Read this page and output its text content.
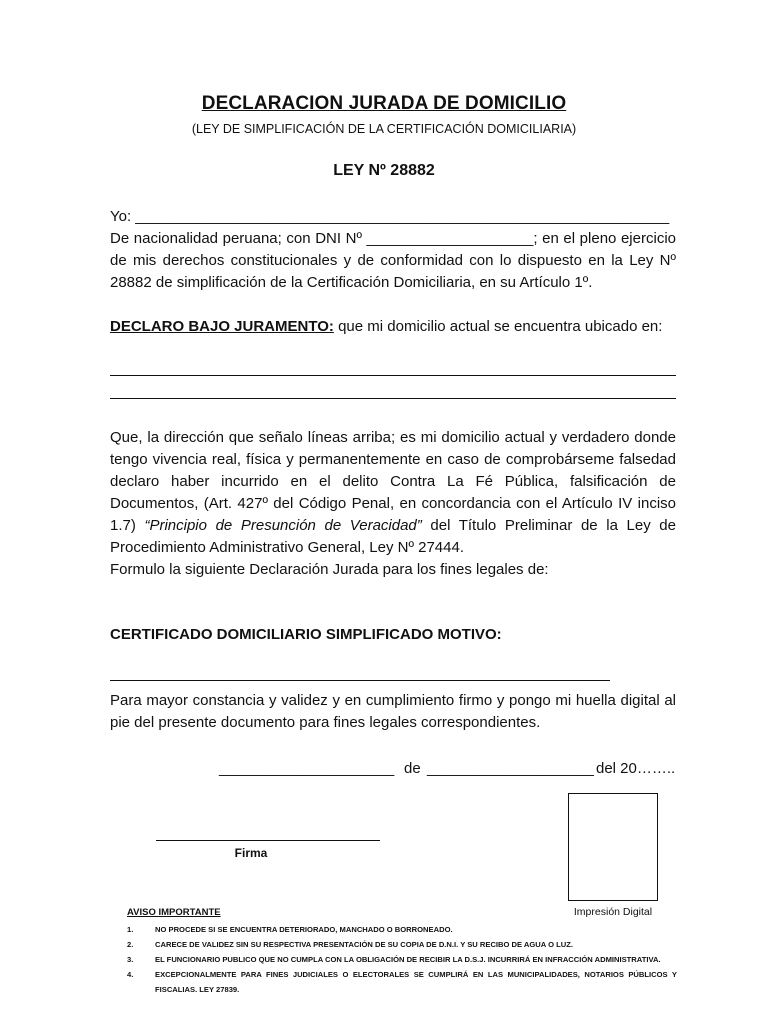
DECLARACION JURADA DE DOMICILIO
(LEY DE SIMPLIFICACIÓN DE LA CERTIFICACIÓN DOMICILIARIA)
LEY Nº 28882
Yo: ________________________________________________________________
De nacionalidad peruana; con DNI Nº ____________________; en el pleno ejercicio de mis derechos constitucionales y de conformidad con lo dispuesto en la Ley Nº 28882 de simplificación de la Certificación Domiciliaria, en su Artículo 1º.
DECLARO BAJO JURAMENTO: que mi domicilio actual se encuentra ubicado en:
Que, la dirección que señalo líneas arriba; es mi domicilio actual y verdadero donde tengo vivencia real, física y permanentemente en caso de comprobárseme falsedad declaro haber incurrido en el delito Contra La Fé Pública, falsificación de Documentos, (Art. 427º del Código Penal, en concordancia con el Artículo IV inciso 1.7) “Principio de Presunción de Veracidad” del Título Preliminar de la Ley de Procedimiento Administrativo General, Ley Nº 27444.
Formulo la siguiente Declaración Jurada para los fines legales de:
CERTIFICADO DOMICILIARIO SIMPLIFICADO MOTIVO:
Para mayor constancia y validez y en cumplimiento firmo y pongo mi huella digital al pie del presente documento para fines legales correspondientes.
_____________________ de ____________________ del 20……..
Impresión Digital
Firma
AVISO IMPORTANTE
1.	NO PROCEDE SI SE ENCUENTRA DETERIORADO, MANCHADO O BORRONEADO.
2.	CARECE DE VALIDEZ SIN SU RESPECTIVA PRESENTACIÓN DE SU COPIA DE D.N.I. Y SU RECIBO DE AGUA O LUZ.
3.	EL FUNCIONARIO PUBLICO QUE NO CUMPLA CON LA OBLIGACIÓN DE RECIBIR LA D.S.J. INCURRIRÁ EN INFRACCIÓN ADMINISTRATIVA.
4.	EXCEPCIONALMENTE PARA FINES JUDICIALES O ELECTORALES SE CUMPLIRÁ EN LAS MUNICIPALIDADES, NOTARIOS PÚBLICOS Y FISCALIAS. LEY 27839.
